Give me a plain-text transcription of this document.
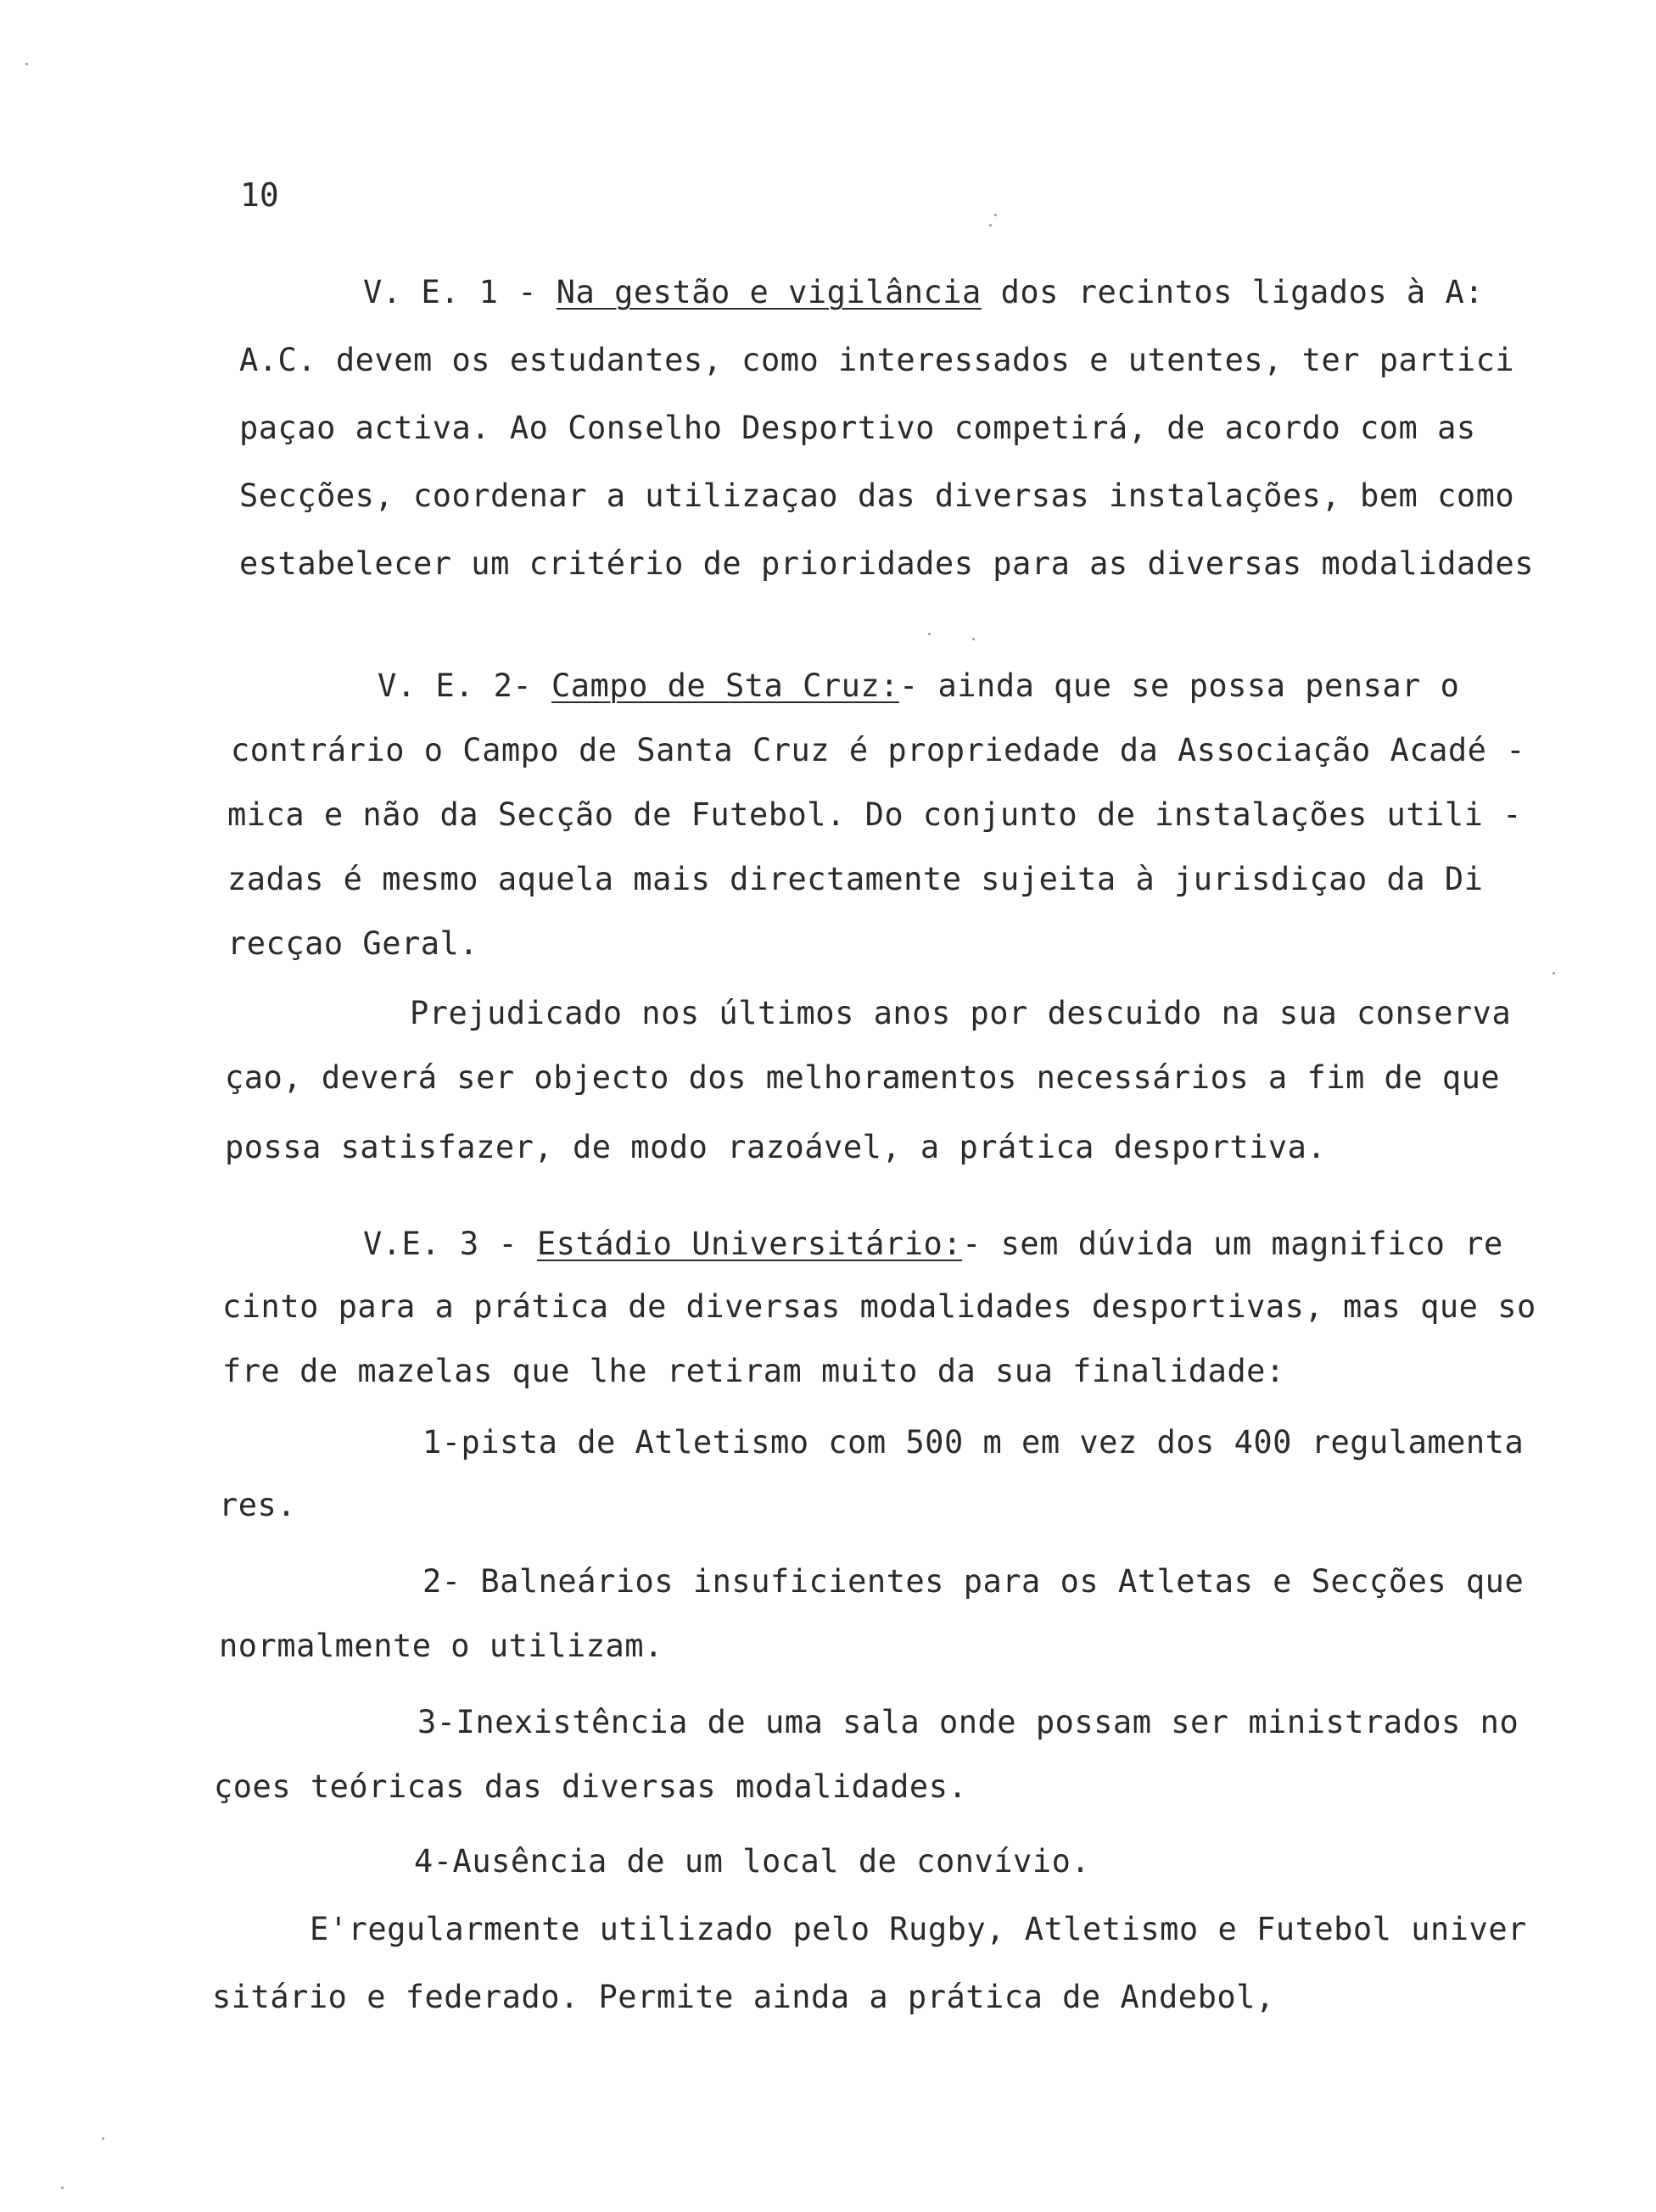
10
V. E. 1 - Na gestão e vigilância dos recintos ligados à A:
A.C. devem os estudantes, como interessados e utentes, ter partici
paçao activa. Ao Conselho Desportivo competirá, de acordo com as
Secções, coordenar a utilizaçao das diversas instalações, bem como
estabelecer um critério de prioridades para as diversas modalidades
V. E. 2- Campo de Sta Cruz:- ainda que se possa pensar o
contrário o Campo de Santa Cruz é propriedade da Associação Acadé -
mica e não da Secção de Futebol. Do conjunto de instalações utili -
zadas é mesmo aquela mais directamente sujeita à jurisdiçao da Di
recçao Geral.
Prejudicado nos últimos anos por descuido na sua conserva
çao, deverá ser objecto dos melhoramentos necessários a fim de que
possa satisfazer, de modo razoável, a prática desportiva.
V.E. 3 - Estádio Universitário:- sem dúvida um magnifico re
cinto para a prática de diversas modalidades desportivas, mas que so
fre de mazelas que lhe retiram muito da sua finalidade:
1-pista de Atletismo com 500 m em vez dos 400 regulamenta
res.
2- Balneários insuficientes para os Atletas e Secções que
normalmente o utilizam.
3-Inexistência de uma sala onde possam ser ministrados no
çoes teóricas das diversas modalidades.
4-Ausência de um local de convívio.
E'regularmente utilizado pelo Rugby, Atletismo e Futebol univer
sitário e federado. Permite ainda a prática de Andebol,
